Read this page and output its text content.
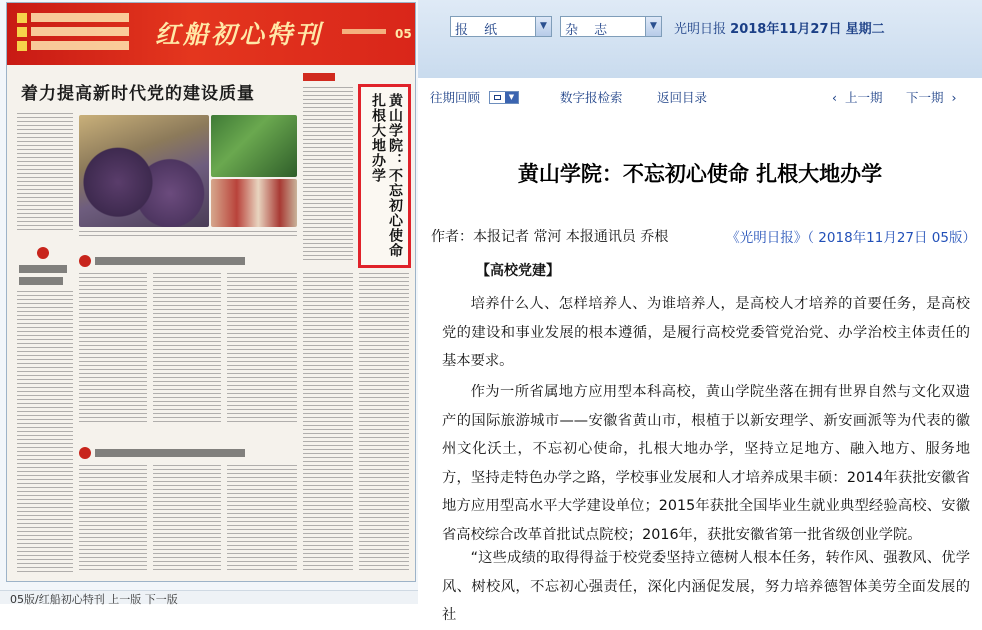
红船初心特刊	05
着力提高新时代党的建设质量	黄山学院：不忘初心使命 扎根大地办学
05版/红船初心特刊 上一版 下一版
报 纸	▼	杂 志	▼	光明日报 2018年11月27日 星期二
往期回顾	▼	数字报检索	返回目录	‹ 上一期 下一期 ›
黄山学院：不忘初心使命 扎根大地办学
作者：本报记者 常河 本报通讯员 乔根	《光明日报》（ 2018年11月27日 05版）
【高校党建】

培养什么人、怎样培养人、为谁培养人，是高校人才培养的首要任务，是高校党的建设和事业发展的根本遵循，是履行高校党委管党治党、办学治校主体责任的基本要求。

作为一所省属地方应用型本科高校，黄山学院坐落在拥有世界自然与文化双遗产的国际旅游城市——安徽省黄山市，根植于以新安理学、新安画派等为代表的徽州文化沃土，不忘初心使命，扎根大地办学，坚持立足地方、融入地方、服务地方，坚持走特色办学之路，学校事业发展和人才培养成果丰硕：2014年获批安徽省地方应用型高水平大学建设单位；2015年获批全国毕业生就业典型经验高校、安徽省高校综合改革首批试点院校；2016年，获批安徽省第一批省级创业学院。

“这些成绩的取得得益于校党委坚持立德树人根本任务，转作风、强教风、优学风、树校风，不忘初心强责任，深化内涵促发展，努力培养德智体美劳全面发展的社
